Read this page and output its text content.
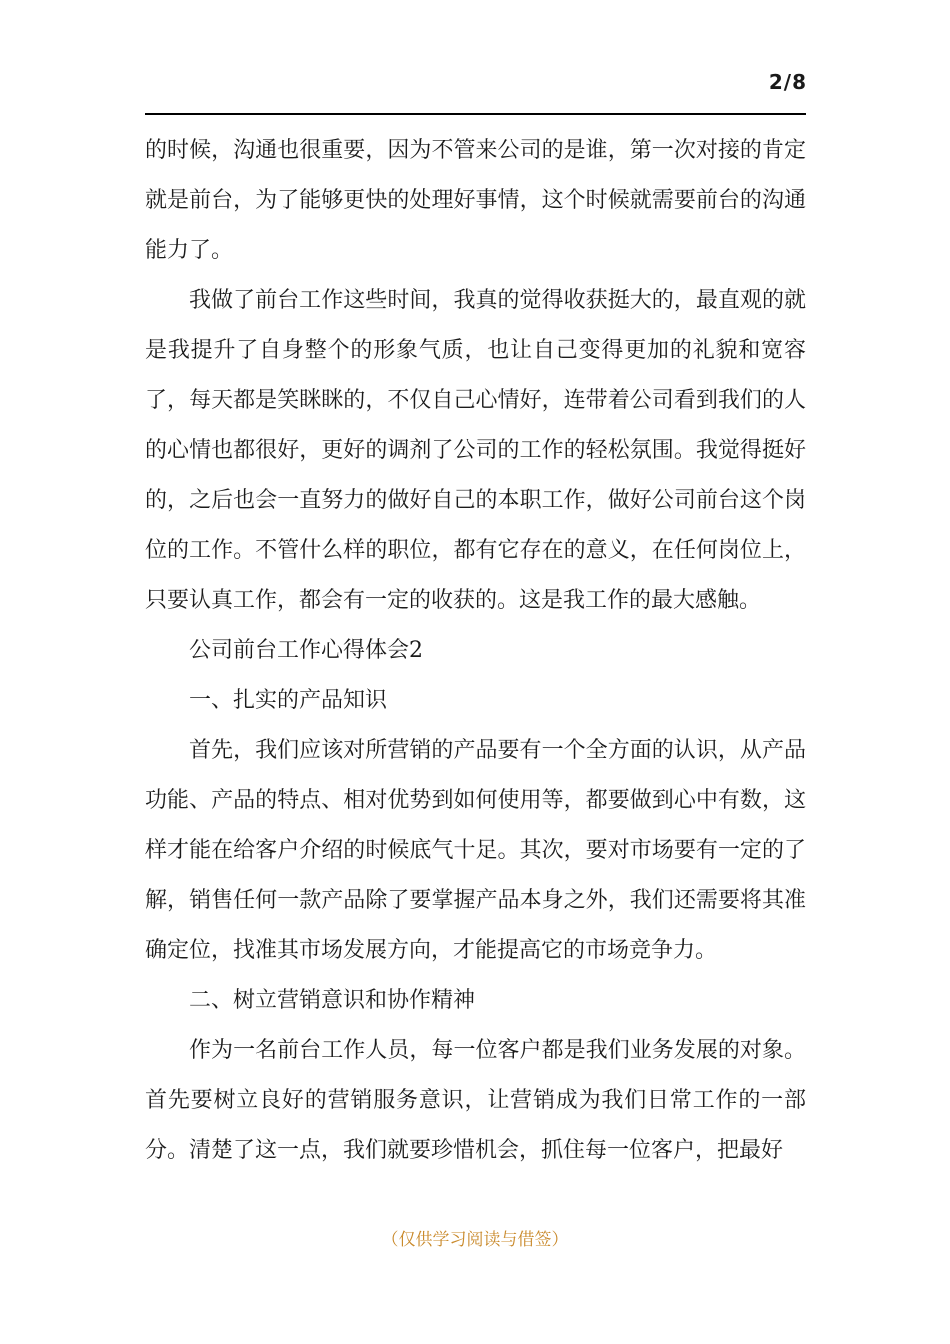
2/8

的时候，沟通也很重要，因为不管来公司的是谁，第一次对接的肯定就是前台，为了能够更快的处理好事情，这个时候就需要前台的沟通能力了。

我做了前台工作这些时间，我真的觉得收获挺大的，最直观的就是我提升了自身整个的形象气质，也让自己变得更加的礼貌和宽容了，每天都是笑眯眯的，不仅自己心情好，连带着公司看到我们的人的心情也都很好，更好的调剂了公司的工作的轻松氛围。我觉得挺好的，之后也会一直努力的做好自己的本职工作，做好公司前台这个岗位的工作。不管什么样的职位，都有它存在的意义，在任何岗位上，只要认真工作，都会有一定的收获的。这是我工作的最大感触。

公司前台工作心得体会2

一、扎实的产品知识

首先，我们应该对所营销的产品要有一个全方面的认识，从产品功能、产品的特点、相对优势到如何使用等，都要做到心中有数，这样才能在给客户介绍的时候底气十足。其次，要对市场要有一定的了解，销售任何一款产品除了要掌握产品本身之外，我们还需要将其准确定位，找准其市场发展方向，才能提高它的市场竞争力。

二、树立营销意识和协作精神

作为一名前台工作人员，每一位客户都是我们业务发展的对象。首先要树立良好的营销服务意识，让营销成为我们日常工作的一部分。清楚了这一点，我们就要珍惜机会，抓住每一位客户，把最好

（仅供学习阅读与借签）
